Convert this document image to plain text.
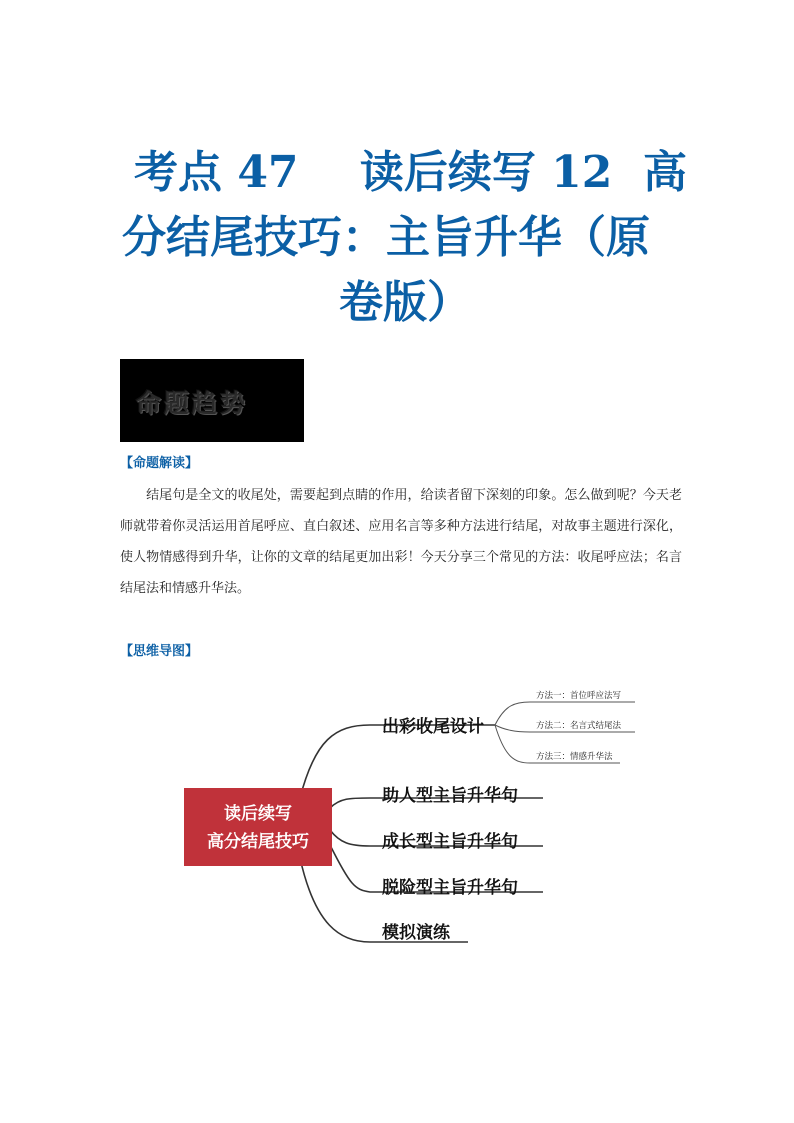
考点 47    读后续写 12  高
分结尾技巧：主旨升华（原
卷版）
命题趋势
【命题解读】
结尾句是全文的收尾处，需要起到点睛的作用，给读者留下深刻的印象。怎么做到呢？今天老师就带着你灵活运用首尾呼应、直白叙述、应用名言等多种方法进行结尾，对故事主题进行深化，使人物情感得到升华，让你的文章的结尾更加出彩！今天分享三个常见的方法：收尾呼应法；名言结尾法和情感升华法。
【思维导图】
读后续写
高分结尾技巧
出彩收尾设计
助人型主旨升华句
成长型主旨升华句
脱险型主旨升华句
模拟演练
方法一：首位呼应法写
方法二：名言式结尾法
方法三：情感升华法
